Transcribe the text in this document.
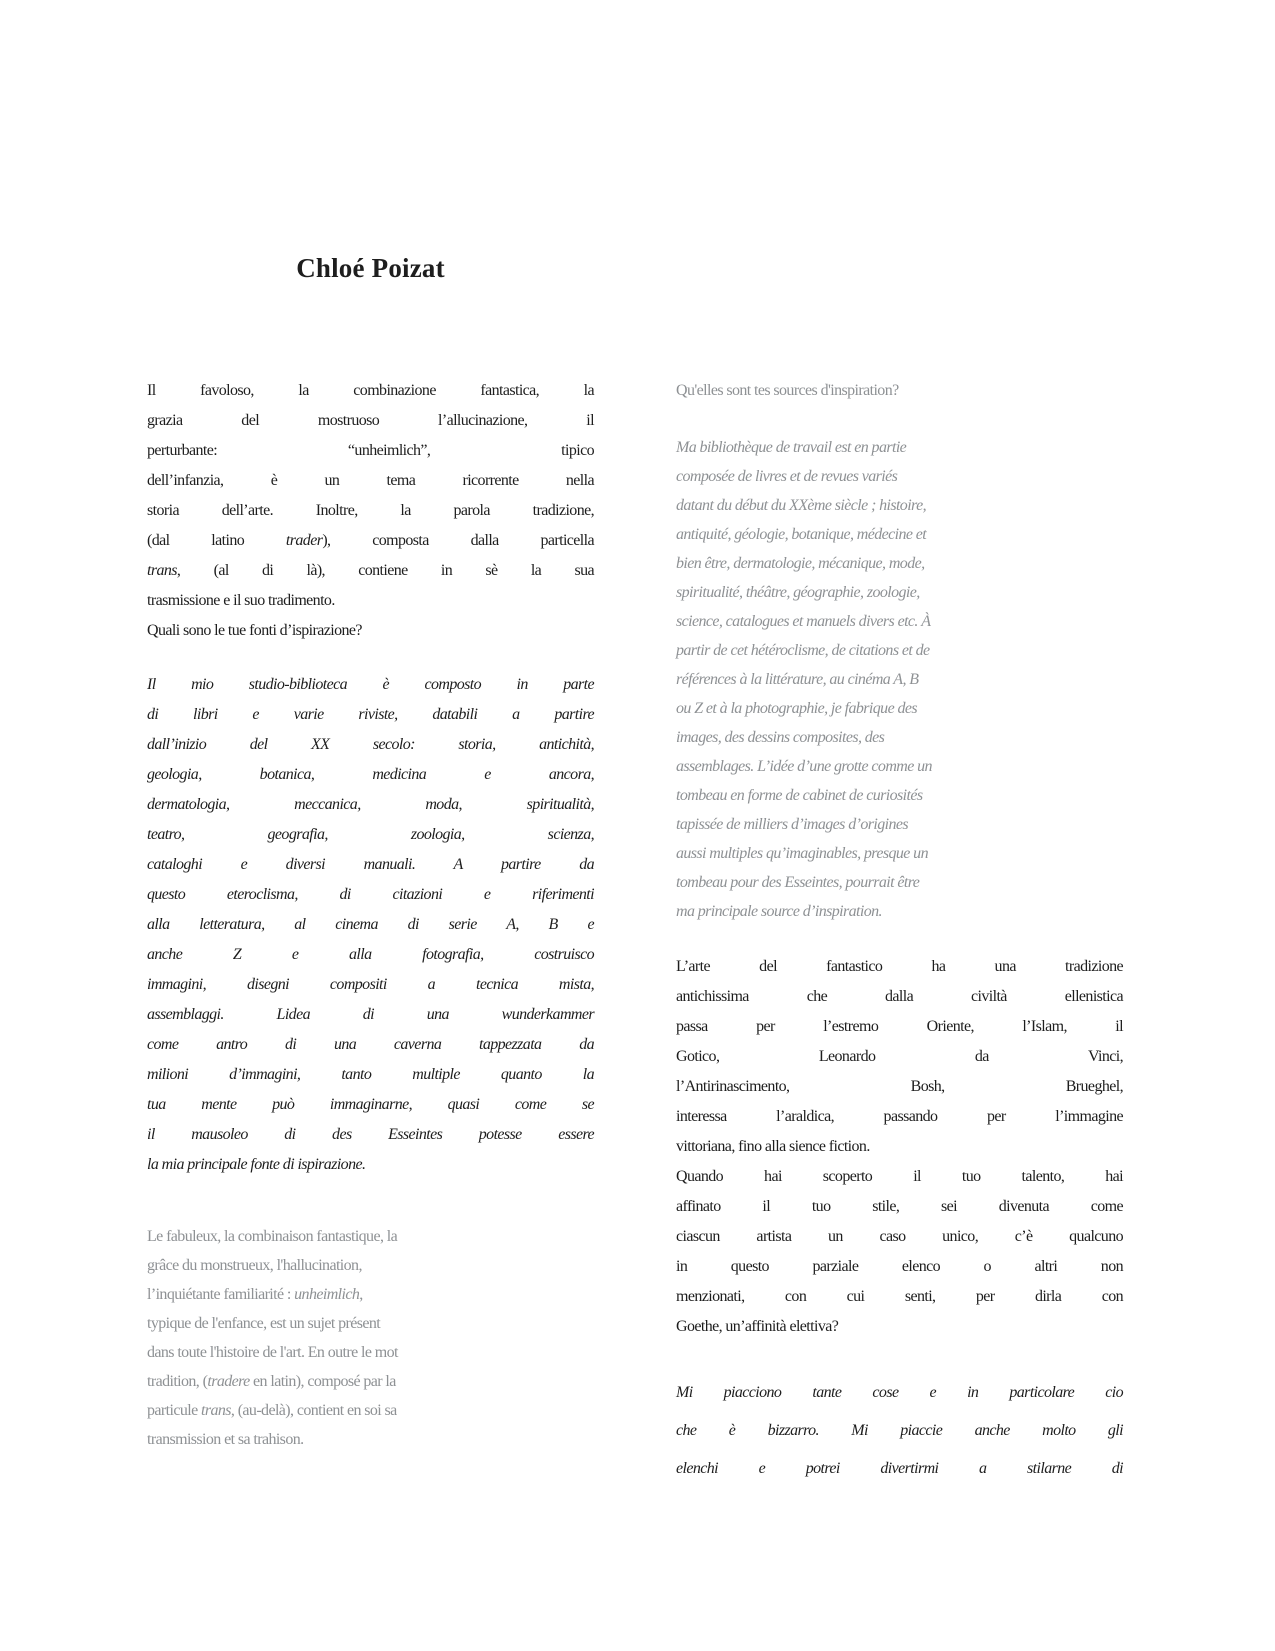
Chloé Poizat
Il favoloso, la combinazione fantastica, la
grazia del mostruoso l’allucinazione, il
perturbante: “unheimlich”, tipico
dell’infanzia, è un tema ricorrente nella
storia dell’arte. Inoltre, la parola tradizione,
(dal latino trader), composta dalla particella
trans, (al di là), contiene in sè la sua
trasmissione e il suo tradimento.
Quali sono le tue fonti d’ispirazione?
Il mio studio-biblioteca è composto in parte
di libri e varie riviste, databili a partire
dall’inizio del XX secolo: storia, antichità,
geologia, botanica, medicina e ancora,
dermatologia, meccanica, moda, spiritualità,
teatro, geografia, zoologia, scienza,
cataloghi e diversi manuali. A partire da
questo eteroclisma, di citazioni e riferimenti
alla letteratura, al cinema di serie A, B e
anche Z e alla fotografia, costruisco
immagini, disegni compositi a tecnica mista,
assemblaggi. Lidea di una wunderkammer
come antro di una caverna tappezzata da
milioni d’immagini, tanto multiple quanto la
tua mente può immaginarne, quasi come se
il mausoleo di des Esseintes potesse essere
la mia principale fonte di ispirazione.
Le fabuleux, la combinaison fantastique, la
grâce du monstrueux, l'hallucination,
l’inquiétante familiarité : unheimlich,
typique de l'enfance, est un sujet présent
dans toute l'histoire de l'art. En outre le mot
tradition, (tradere en latin), composé par la
particule trans, (au-delà), contient en soi sa
transmission et sa trahison.
Qu'elles sont tes sources d'inspiration?
Ma bibliothèque de travail est en partie
composée de livres et de revues variés
datant du début du XXème siècle ; histoire,
antiquité, géologie, botanique, médecine et
bien être, dermatologie, mécanique, mode,
spiritualité, théâtre, géographie, zoologie,
science, catalogues et manuels divers etc. À
partir de cet hétéroclisme, de citations et de
références à la littérature, au cinéma A, B
ou Z et à la photographie, je fabrique des
images, des dessins composites, des
assemblages. L’idée d’une grotte comme un
tombeau en forme de cabinet de curiosités
tapissée de milliers d’images d’origines
aussi multiples qu’imaginables, presque un
tombeau pour des Esseintes, pourrait être
ma principale source d’inspiration.
L’arte del fantastico ha una tradizione
antichissima che dalla civiltà ellenistica
passa per l’estremo Oriente, l’Islam, il
Gotico, Leonardo da Vinci,
l’Antirinascimento, Bosh, Brueghel,
interessa l’araldica, passando per l’immagine
vittoriana, fino alla sience fiction.
Quando hai scoperto il tuo talento, hai
affinato il tuo stile, sei divenuta come
ciascun artista un caso unico, c’è qualcuno
in questo parziale elenco o altri non
menzionati, con cui senti, per dirla con
Goethe, un’affinità elettiva?
Mi piacciono tante cose e in particolare cio
che è bizzarro. Mi piaccie anche molto gli
elenchi e potrei divertirmi a stilarne di
